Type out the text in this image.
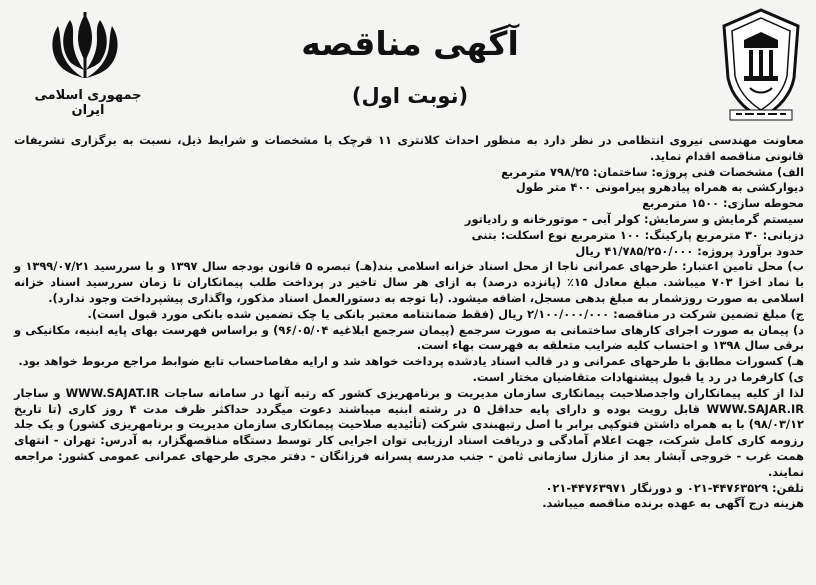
جمهوری اسلامی ایران
آگهی مناقصه
(نوبت اول)
معاونت مهندسی نیروی انتظامی در نظر دارد به منظور احداث کلانتری ۱۱ قرچک با مشخصات و شرایط ذیل، نسبت به برگزاری تشریفات قانونی مناقصه اقدام نماید.
الف) مشخصات فنی پروژه: ساختمان: ۷۹۸/۲۵ مترمربع
دیوارکشی به همراه پیادهرو پیرامونی ۴۰۰ متر طول
محوطه سازی: ۱۵۰۰ مترمربع
سیستم گرمایش و سرمایش: کولر آبی - موتورخانه و رادیاتور
دزبانی: ۳۰ مترمربع پارکینگ: ۱۰۰ مترمربع نوع اسکلت: بتنی
حدود برآورد پروژه: ۴۱/۷۸۵/۲۵۰/۰۰۰ ریال
ب) محل تامین اعتبار: طرحهای عمرانی ناجا از محل اسناد خزانه اسلامی بند(هـ) تبصره ۵ قانون بودجه سال ۱۳۹۷ و با سررسید ۱۳۹۹/۰۷/۲۱ و با نماد اخزا ۷۰۳ میباشد. مبلغ معادل ۱۵٪ (پانزده درصد) به ازای هر سال تاخیر در پرداخت طلب پیمانکاران تا زمان سررسید اسناد خزانه اسلامی به صورت روزشمار به مبلغ بدهی مسجل، اضافه میشود. (با توجه به دستورالعمل اسناد مذکور، واگذاری پیشپرداخت وجود ندارد).
ج) مبلغ تضمین شرکت در مناقصه: ۲/۱۰۰/۰۰۰/۰۰۰ ریال (فقط ضمانتنامه معتبر بانکی یا چک تضمین شده بانکی مورد قبول است).
د) پیمان به صورت اجرای کارهای ساختمانی به صورت سرجمع (پیمان سرجمع ابلاغیه ۹۶/۰۵/۰۴) و براساس فهرست بهای پایه ابنیه، مکانیکی و برقی سال ۱۳۹۸ و احتساب کلیه ضرایب متعلقه به فهرست بهاء است.
هـ) کسورات مطابق با طرحهای عمرانی و در قالب اسناد یادشده پرداخت خواهد شد و ارایه مفاصاحساب تابع ضوابط مراجع مربوط خواهد بود.
ی) کارفرما در رد یا قبول پیشنهادات متقاضیان مختار است.
لذا از کلیه پیمانکاران واجدصلاحیت پیمانکاری سازمان مدیریت و برنامهریزی کشور که رتبه آنها در سامانه ساجات WWW.SAJAT.IR و ساجار WWW.SAJAR.IR قابل رویت بوده و دارای پایه حداقل ۵ در رشته ابنیه میباشند دعوت میگردد حداکثر ظرف مدت ۴ روز کاری (تا تاریخ ۹۸/۰۳/۱۲) با به همراه داشتن فتوکپی برابر با اصل رتبهبندی شرکت (تأئیدیه صلاحیت پیمانکاری سازمان مدیریت و برنامهریزی کشور) و یک جلد رزومه کاری کامل شرکت، جهت اعلام آمادگی و دریافت اسناد ارزیابی توان اجرایی کار توسط دستگاه مناقصهگزار، به آدرس: تهران - انتهای همت غرب - خروجی آبشار بعد از منازل سازمانی ثامن - جنب مدرسه پسرانه فرزانگان - دفتر مجری طرحهای عمرانی عمومی کشور: مراجعه نمایند.
تلفن: ۴۴۷۶۳۵۲۹-۰۲۱ و دورنگار ۴۴۷۶۳۹۷۱-۰۲۱
هزینه درج آگهی به عهده برنده مناقصه میباشد.
